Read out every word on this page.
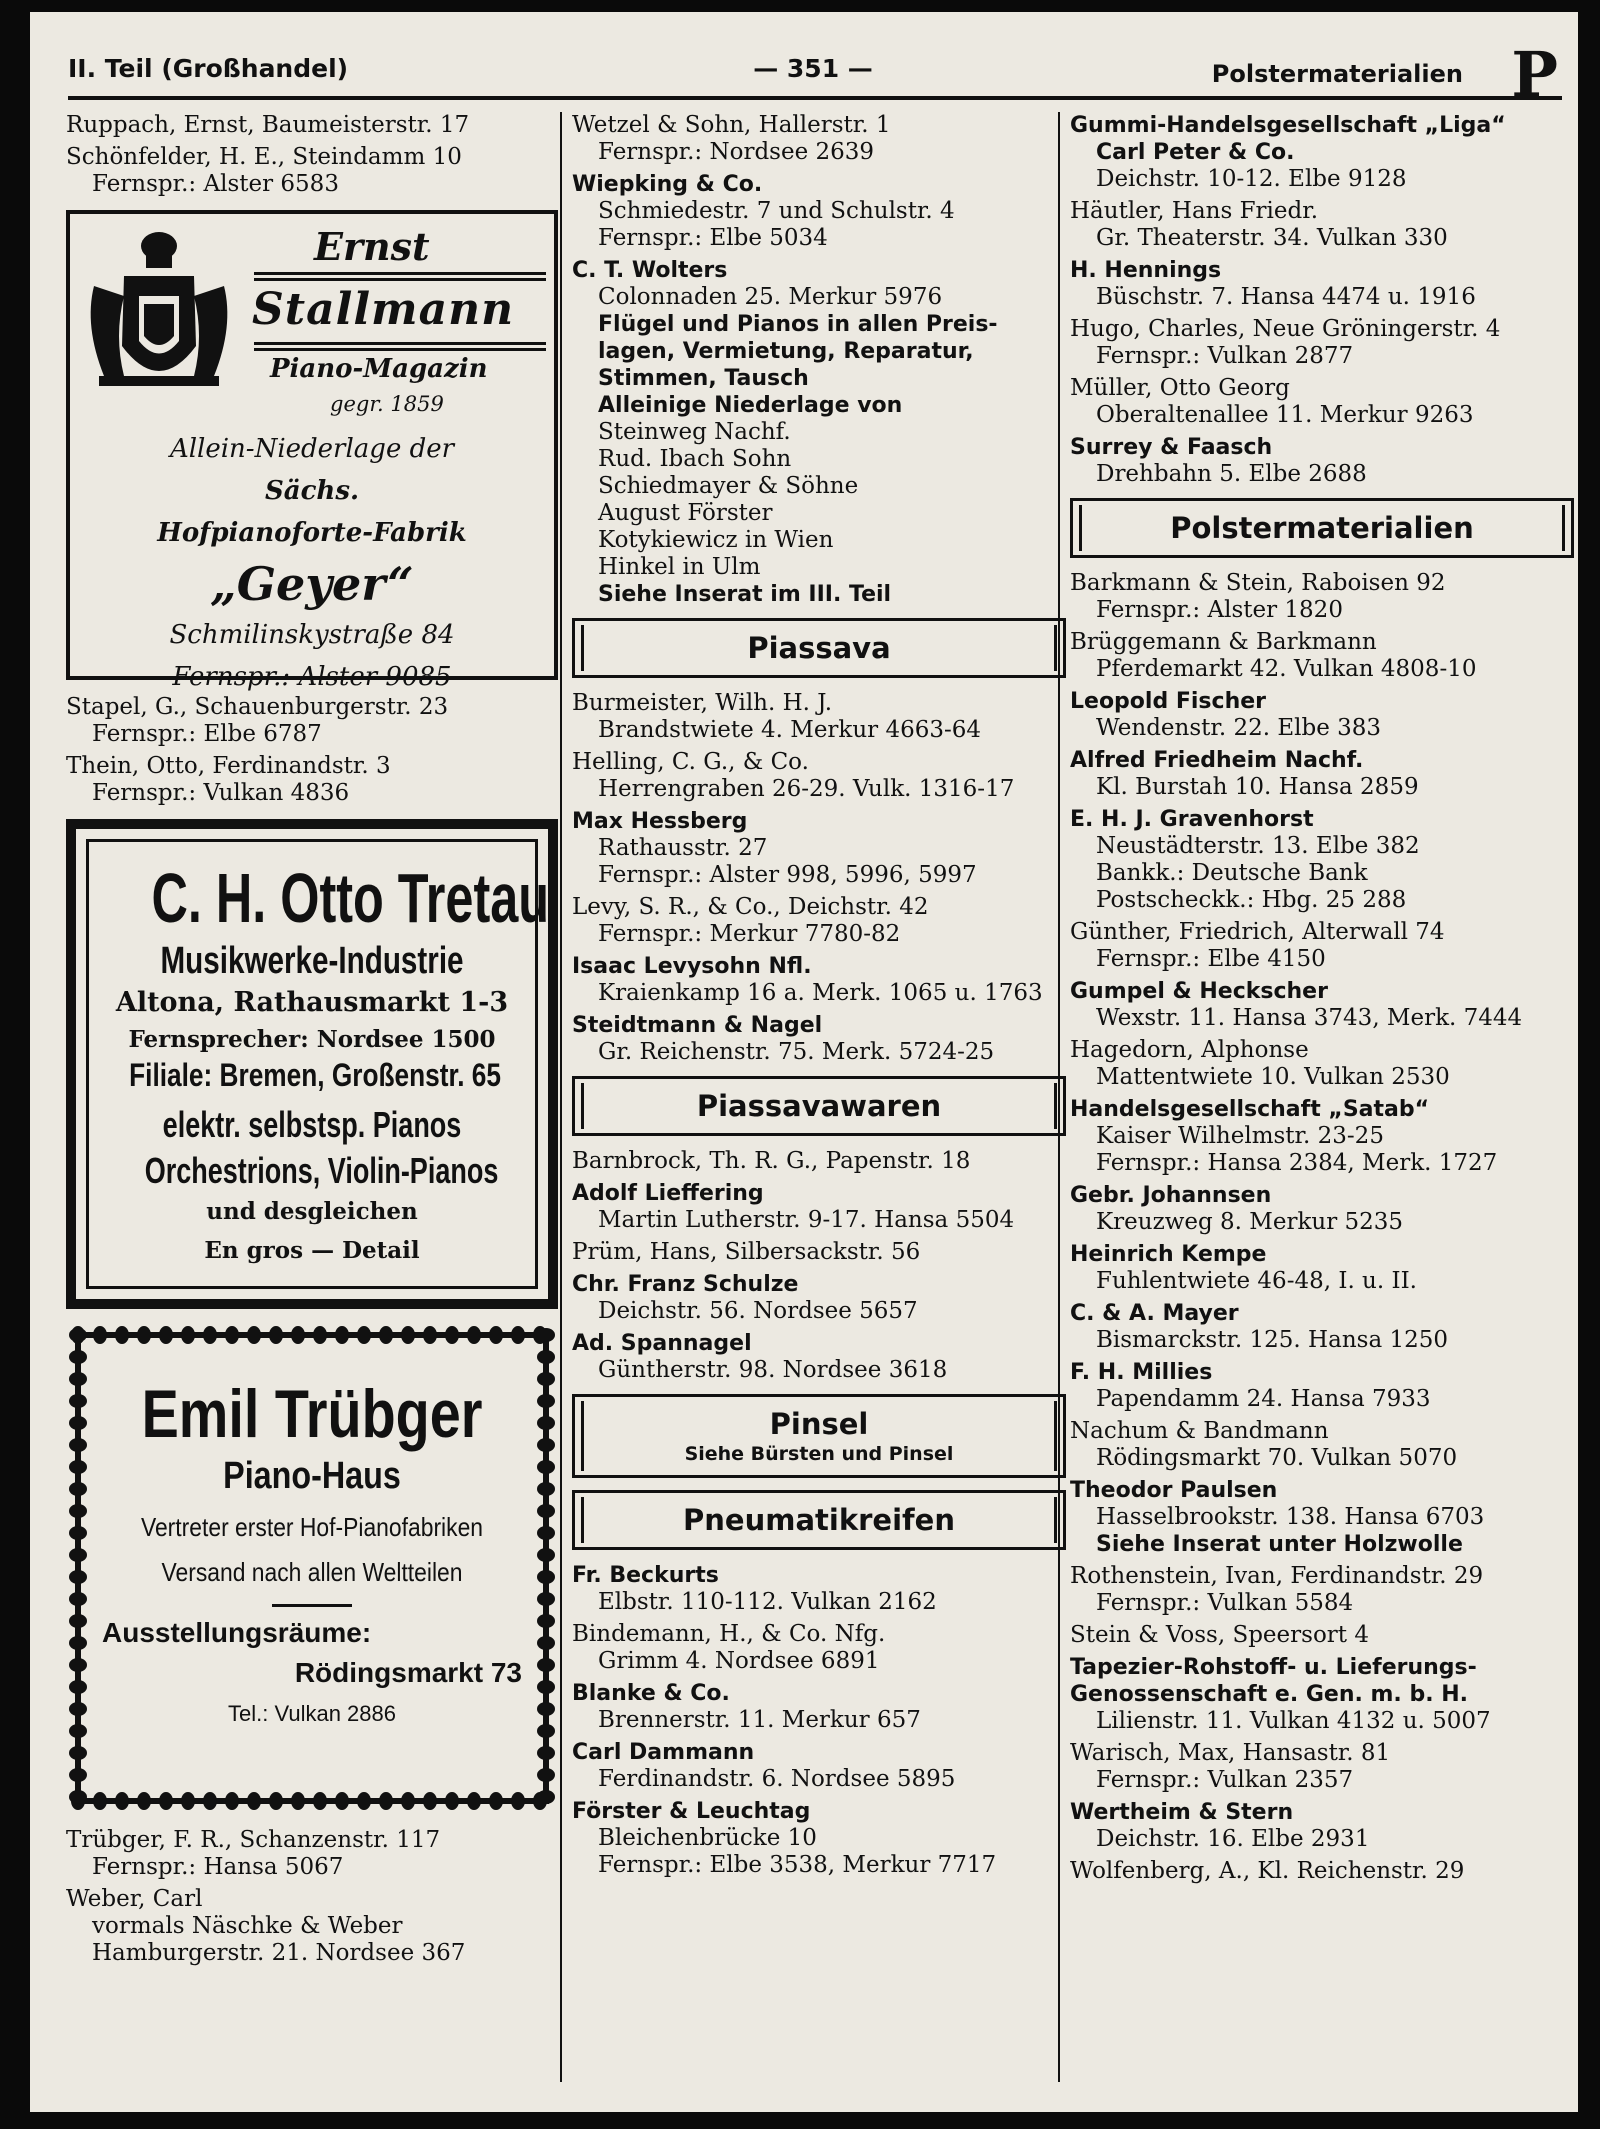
II. Teil (Großhandel)	— 351 —	Polstermaterialien P
Ruppach, Ernst, Baumeisterstr. 17
Schönfelder, H. E., Steindamm 10
Fernspr.: Alster 6583
Ernst
Stallmann
Piano-Magazin
gegr. 1859
Allein-Niederlage der
Sächs.
Hofpianoforte-Fabrik
„Geyer“
Schmilinskystraße 84
Fernspr.: Alster 9085
Stapel, G., Schauenburgerstr. 23
Fernspr.: Elbe 6787
Thein, Otto, Ferdinandstr. 3
Fernspr.: Vulkan 4836
C. H. Otto Tretau
Musikwerke-Industrie
Altona, Rathausmarkt 1-3
Fernsprecher: Nordsee 1500
Filiale: Bremen, Großenstr. 65
elektr. selbstsp. Pianos
Orchestrions, Violin-Pianos
und desgleichen
En gros — Detail
Emil Trübger
Piano-Haus
Vertreter erster Hof-Pianofabriken
Versand nach allen Weltteilen
Ausstellungsräume:
Rödingsmarkt 73
Tel.: Vulkan 2886
Trübger, F. R., Schanzenstr. 117
Fernspr.: Hansa 5067
Weber, Carl
vormals Näschke & Weber
Hamburgerstr. 21. Nordsee 367
Wetzel & Sohn, Hallerstr. 1
Fernspr.: Nordsee 2639
Wiepking & Co.
Schmiedestr. 7 und Schulstr. 4
Fernspr.: Elbe 5034
C. T. Wolters
Colonnaden 25. Merkur 5976
Flügel und Pianos in allen Preis-
lagen, Vermietung, Reparatur,
Stimmen, Tausch
Alleinige Niederlage von
Steinweg Nachf.
Rud. Ibach Sohn
Schiedmayer & Söhne
August Förster
Kotykiewicz in Wien
Hinkel in Ulm
Siehe Inserat im III. Teil
Piassava
Burmeister, Wilh. H. J.
Brandstwiete 4. Merkur 4663-64
Helling, C. G., & Co.
Herrengraben 26-29. Vulk. 1316-17
Max Hessberg
Rathausstr. 27
Fernspr.: Alster 998, 5996, 5997
Levy, S. R., & Co., Deichstr. 42
Fernspr.: Merkur 7780-82
Isaac Levysohn Nfl.
Kraienkamp 16 a. Merk. 1065 u. 1763
Steidtmann & Nagel
Gr. Reichenstr. 75. Merk. 5724-25
Piassavawaren
Barnbrock, Th. R. G., Papenstr. 18
Adolf Lieffering
Martin Lutherstr. 9-17. Hansa 5504
Prüm, Hans, Silbersackstr. 56
Chr. Franz Schulze
Deichstr. 56. Nordsee 5657
Ad. Spannagel
Güntherstr. 98. Nordsee 3618
Pinsel
Siehe Bürsten und Pinsel
Pneumatikreifen
Fr. Beckurts
Elbstr. 110-112. Vulkan 2162
Bindemann, H., & Co. Nfg.
Grimm 4. Nordsee 6891
Blanke & Co.
Brennerstr. 11. Merkur 657
Carl Dammann
Ferdinandstr. 6. Nordsee 5895
Förster & Leuchtag
Bleichenbrücke 10
Fernspr.: Elbe 3538, Merkur 7717
Gummi-Handelsgesellschaft „Liga“
Carl Peter & Co.
Deichstr. 10-12. Elbe 9128
Häutler, Hans Friedr.
Gr. Theaterstr. 34. Vulkan 330
H. Hennings
Büschstr. 7. Hansa 4474 u. 1916
Hugo, Charles, Neue Gröningerstr. 4
Fernspr.: Vulkan 2877
Müller, Otto Georg
Oberaltenallee 11. Merkur 9263
Surrey & Faasch
Drehbahn 5. Elbe 2688
Polstermaterialien
Barkmann & Stein, Raboisen 92
Fernspr.: Alster 1820
Brüggemann & Barkmann
Pferdemarkt 42. Vulkan 4808-10
Leopold Fischer
Wendenstr. 22. Elbe 383
Alfred Friedheim Nachf.
Kl. Burstah 10. Hansa 2859
E. H. J. Gravenhorst
Neustädterstr. 13. Elbe 382
Bankk.: Deutsche Bank
Postscheckk.: Hbg. 25 288
Günther, Friedrich, Alterwall 74
Fernspr.: Elbe 4150
Gumpel & Heckscher
Wexstr. 11. Hansa 3743, Merk. 7444
Hagedorn, Alphonse
Mattentwiete 10. Vulkan 2530
Handelsgesellschaft „Satab“
Kaiser Wilhelmstr. 23-25
Fernspr.: Hansa 2384, Merk. 1727
Gebr. Johannsen
Kreuzweg 8. Merkur 5235
Heinrich Kempe
Fuhlentwiete 46-48, I. u. II.
C. & A. Mayer
Bismarckstr. 125. Hansa 1250
F. H. Millies
Papendamm 24. Hansa 7933
Nachum & Bandmann
Rödingsmarkt 70. Vulkan 5070
Theodor Paulsen
Hasselbrookstr. 138. Hansa 6703
Siehe Inserat unter Holzwolle
Rothenstein, Ivan, Ferdinandstr. 29
Fernspr.: Vulkan 5584
Stein & Voss, Speersort 4
Tapezier-Rohstoff- u. Lieferungs-
Genossenschaft e. Gen. m. b. H.
Lilienstr. 11. Vulkan 4132 u. 5007
Warisch, Max, Hansastr. 81
Fernspr.: Vulkan 2357
Wertheim & Stern
Deichstr. 16. Elbe 2931
Wolfenberg, A., Kl. Reichenstr. 29
